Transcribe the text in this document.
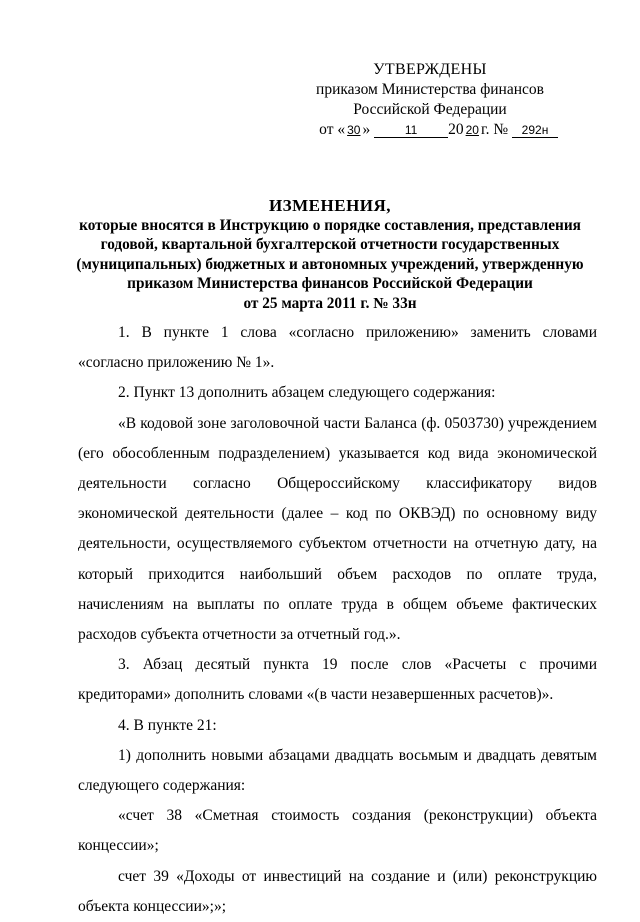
УТВЕРЖДЕНЫ
приказом Министерства финансов
Российской Федерации
от « 30 »	11 20 20 г. № 292н
ИЗМЕНЕНИЯ,
которые вносятся в Инструкцию о порядке составления, представления
годовой, квартальной бухгалтерской отчетности государственных
(муниципальных) бюджетных и автономных учреждений, утвержденную
приказом Министерства финансов Российской Федерации
от 25 марта 2011 г. № 33н

1. В пункте 1 слова «согласно приложению» заменить словами «согласно приложению № 1».

2. Пункт 13 дополнить абзацем следующего содержания:

«В кодовой зоне заголовочной части Баланса (ф. 0503730) учреждением (его обособленным подразделением) указывается код вида экономической деятельности согласно Общероссийскому классификатору видов экономической деятельности (далее – код по ОКВЭД) по основному виду деятельности, осуществляемого субъектом отчетности на отчетную дату, на который приходится наибольший объем расходов по оплате труда, начислениям на выплаты по оплате труда в общем объеме фактических расходов субъекта отчетности за отчетный год.».

3. Абзац десятый пункта 19 после слов «Расчеты с прочими кредиторами» дополнить словами «(в части незавершенных расчетов)».

4. В пункте 21:

1) дополнить новыми абзацами двадцать восьмым и двадцать девятым следующего содержания:

«счет 38 «Сметная стоимость создания (реконструкции) объекта концессии»;

счет 39 «Доходы от инвестиций на создание и (или) реконструкцию объекта концессии»;»;
